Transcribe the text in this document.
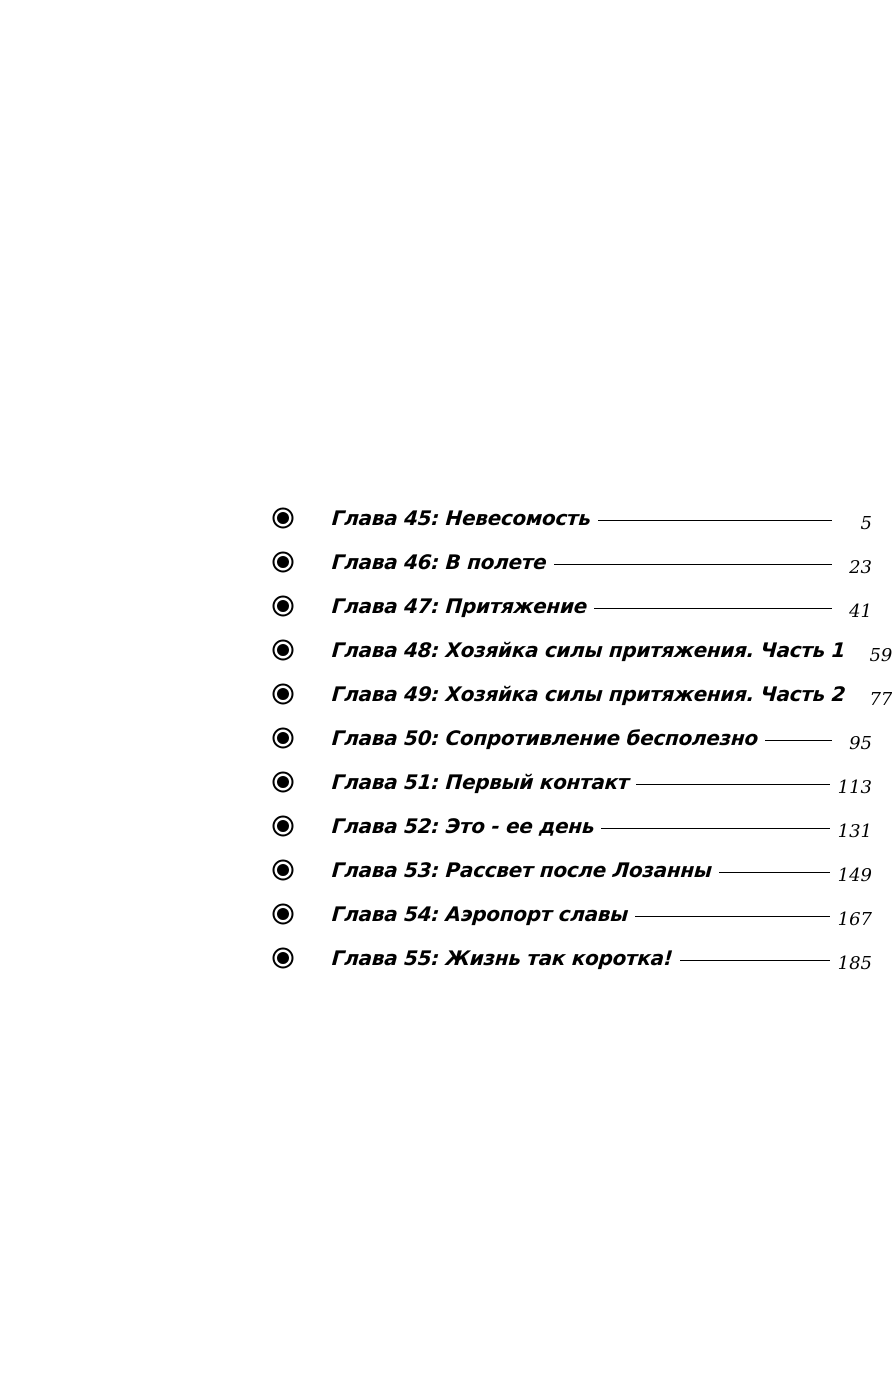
Глава 45: Невесомость	5
Глава 46: В полете	23
Глава 47: Притяжение	41
Глава 48: Хозяйка силы притяжения. Часть 1	59
Глава 49: Хозяйка силы притяжения. Часть 2	77
Глава 50: Сопротивление бесполезно	95
Глава 51: Первый контакт	113
Глава 52: Это - ее день	131
Глава 53: Рассвет после Лозанны	149
Глава 54: Аэропорт славы	167
Глава 55: Жизнь так коротка!	185
